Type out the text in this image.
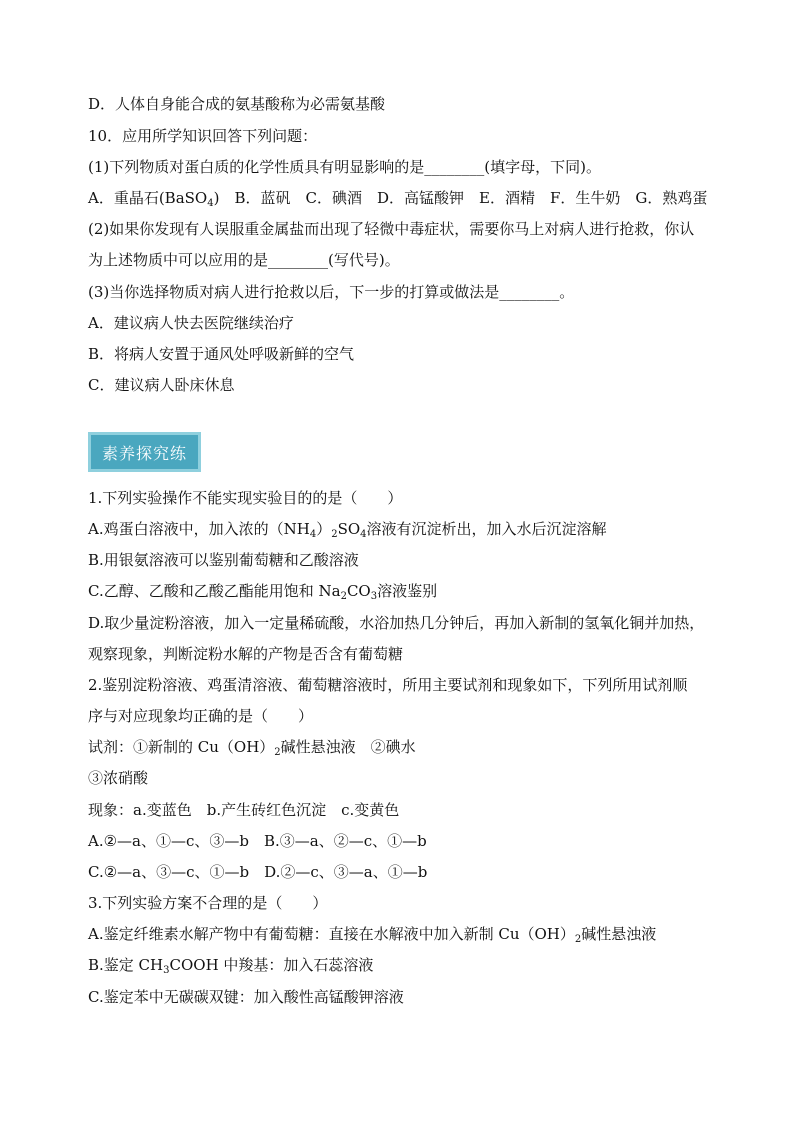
D．人体自身能合成的氨基酸称为必需氨基酸
10．应用所学知识回答下列问题：
(1)下列物质对蛋白质的化学性质具有明显影响的是________(填字母，下同)。
A．重晶石(BaSO$_4$)　B．蓝矾　C．碘酒　D．高锰酸钾　E．酒精　F．生牛奶　G．熟鸡蛋
(2)如果你发现有人误服重金属盐而出现了轻微中毒症状，需要你马上对病人进行抢救，你认
为上述物质中可以应用的是________(写代号)。
(3)当你选择物质对病人进行抢救以后，下一步的打算或做法是________。
A．建议病人快去医院继续治疗
B．将病人安置于通风处呼吸新鲜的空气
C．建议病人卧床休息
素养探究练
1.下列实验操作不能实现实验目的的是（　　）
A.鸡蛋白溶液中，加入浓的$(NH_4)_2SO_4$溶液有沉淀析出，加入水后沉淀溶解
B.用银氨溶液可以鉴别葡萄糖和乙酸溶液
C.乙醇、乙酸和乙酸乙酯能用饱和 $Na_2CO_3$溶液鉴别
D.取少量淀粉溶液，加入一定量稀硫酸，水浴加热几分钟后，再加入新制的氢氧化铜并加热，
观察现象，判断淀粉水解的产物是否含有葡萄糖
2.鉴别淀粉溶液、鸡蛋清溶液、葡萄糖溶液时，所用主要试剂和现象如下，下列所用试剂顺
序与对应现象均正确的是（　　）
试剂：①新制的 $Cu(OH)_2$碱性悬浊液　②碘水
③浓硝酸
现象：a.变蓝色　b.产生砖红色沉淀　c.变黄色
A.②—a、①—c、③—b　B.③—a、②—c、①—b
C.②—a、③—c、①—b　D.②—c、③—a、①—b
3.下列实验方案不合理的是（　　）
A.鉴定纤维素水解产物中有葡萄糖：直接在水解液中加入新制 $Cu(OH)_2$碱性悬浊液
B.鉴定 $CH_3COOH$ 中羧基：加入石蕊溶液
C.鉴定苯中无碳碳双键：加入酸性高锰酸钾溶液
